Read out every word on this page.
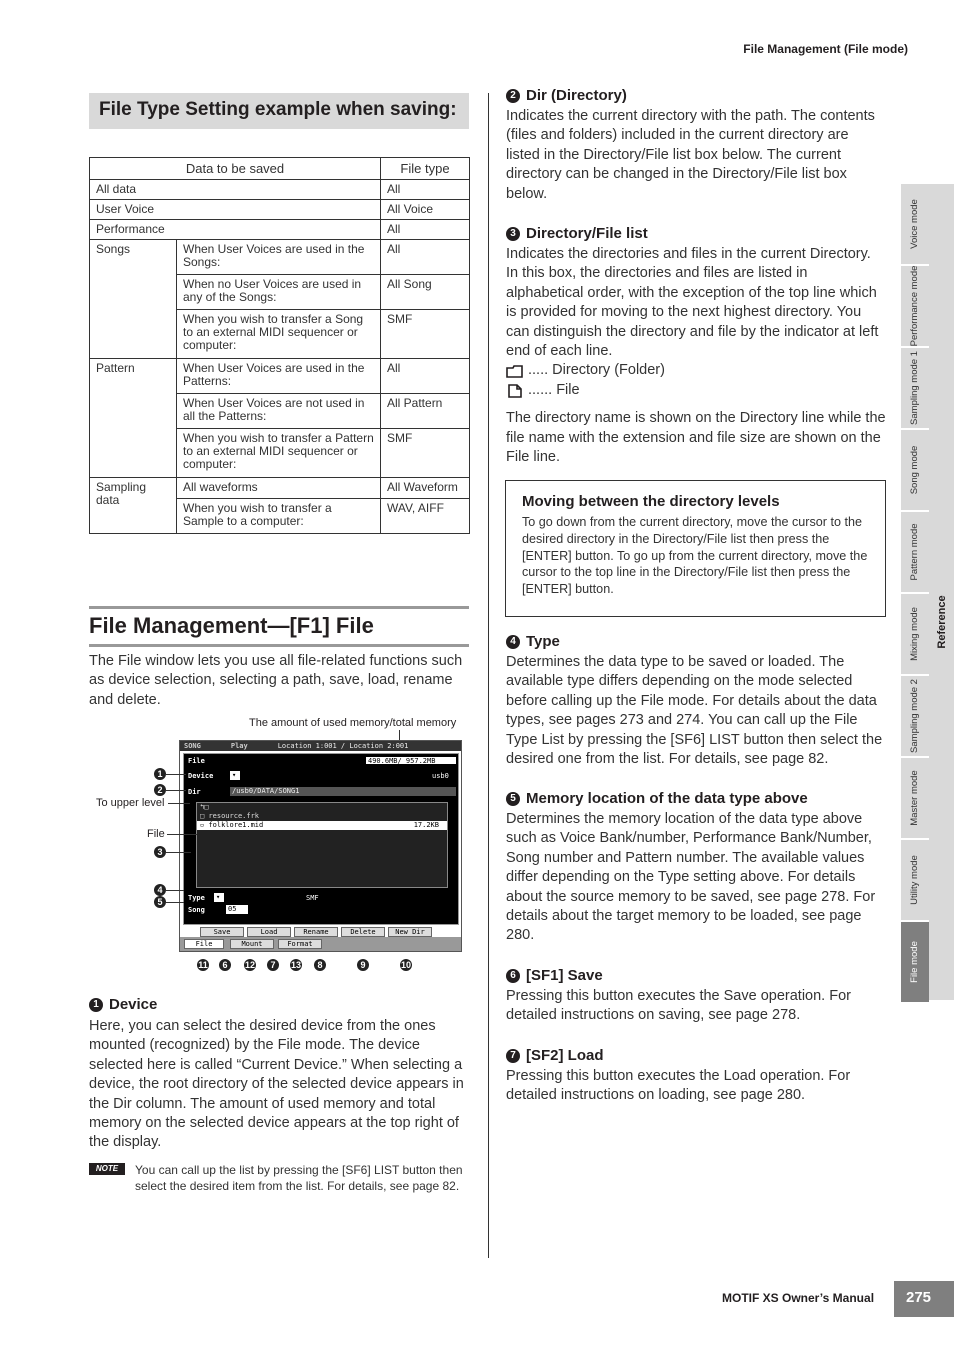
File Management (File mode)
Voice mode
Performance mode
Sampling mode 1
Song mode
Pattern mode
Mixing mode
Sampling mode 2
Master mode
Utility mode
File mode
Reference
File Type Setting example when saving:
Data to be saved		File type
All data		All
User Voice		All Voice
Performance		All
Songs	When User Voices are used in the Songs:	All
	When no User Voices are used in any of the Songs:	All Song
	When you wish to transfer a Song to an external MIDI sequencer or computer:	SMF
Pattern	When User Voices are used in the Patterns:	All
	When User Voices are not used in all the Patterns:	All Pattern
	When you wish to transfer a Pattern to an external MIDI sequencer or computer:	SMF
Sampling data	All waveforms	All Waveform
	When you wish to transfer a Sample to a computer:	WAV, AIFF
File Management—[F1] File

The File window lets you use all file-related functions such as device selection, selecting a path, save, load, rename and delete.

The amount of used memory/total memory
SONG	Play	Location 1:001 / Location 2:001
File	490.6MB/ 957.2MB
Device	▾	usb0
Dir	/usb0/DATA/SONG1
↰□
□ resource.frk
▫ folklore1.mid	17.2KB
Type ▾	SMF
Song	05
Save	Load	Rename	Delete	New Dir
File	Mount	Format
1
2
To upper level
File
3
4
5
11	6	12	7	13	8	9	10
1 Device

Here, you can select the desired device from the ones mounted (recognized) by the File mode. The device selected here is called “Current Device.” When selecting a device, the root directory of the selected device appears in the Dir column. The amount of used memory and total memory on the selected device appears at the top right of the display.

NOTE	You can call up the list by pressing the [SF6] LIST button then select the desired item from the list. For details, see page 82.
2 Dir (Directory)

Indicates the current directory with the path. The contents (files and folders) included in the current directory are listed in the Directory/File list box below. The current directory can be changed in the Directory/File list box below.

3 Directory/File list

Indicates the directories and files in the current Directory. In this box, the directories and files are listed in alphabetical order, with the exception of the top line which is provided for moving to the next highest directory. You can distinguish the directory and file by the indicator at left end of each line.

..... Directory (Folder)
...... File

The directory name is shown on the Directory line while the file name with the extension and file size are shown on the File line.

Moving between the directory levels

To go down from the current directory, move the cursor to the desired directory in the Directory/File list then press the [ENTER] button. To go up from the current directory, move the cursor to the top line in the Directory/File list then press the [ENTER] button.

4 Type

Determines the data type to be saved or loaded. The available type differs depending on the mode selected before calling up the File mode. For details about the data types, see pages 273 and 274. You can call up the File Type List by pressing the [SF6] LIST button then select the desired one from the list. For details, see page 82.

5 Memory location of the data type above

Determines the memory location of the data type above such as Voice Bank/number, Performance Bank/Number, Song number and Pattern number. The available values differ depending on the Type setting above. For details about the source memory to be saved, see page 278. For details about the target memory to be loaded, see page 280.

6 [SF1] Save

Pressing this button executes the Save operation. For detailed instructions on saving, see page 278.

7 [SF2] Load

Pressing this button executes the Load operation. For detailed instructions on loading, see page 280.

MOTIF XS Owner’s Manual	275
